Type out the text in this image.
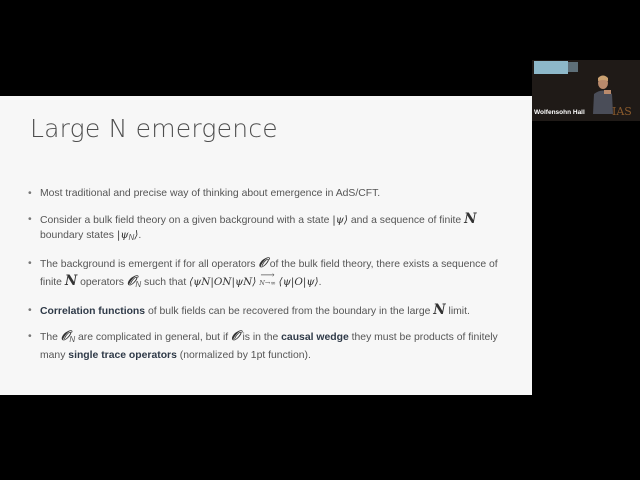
Large N emergence
• Most traditional and precise way of thinking about emergence in AdS/CFT.
• Consider a bulk field theory on a given background with a state |ψ⟩ and a sequence of finite N boundary states $|\psi_N⟩$.
• The background is emergent if for all operators 𝒪 of the bulk field theory, there exists a sequence of finite N operators 𝒪$_N$ such that ⟨ψN|ON|ψN⟩
⟶
N→∞ ⟨ψ|O|ψ⟩.
• Correlation functions of bulk fields can be recovered from the boundary in the large N limit.
• The 𝒪$_N$ are complicated in general, but if 𝒪 is in the causal wedge they must be products of finitely many single trace operators (normalized by 1pt function).
Wolfensohn Hall IAS
